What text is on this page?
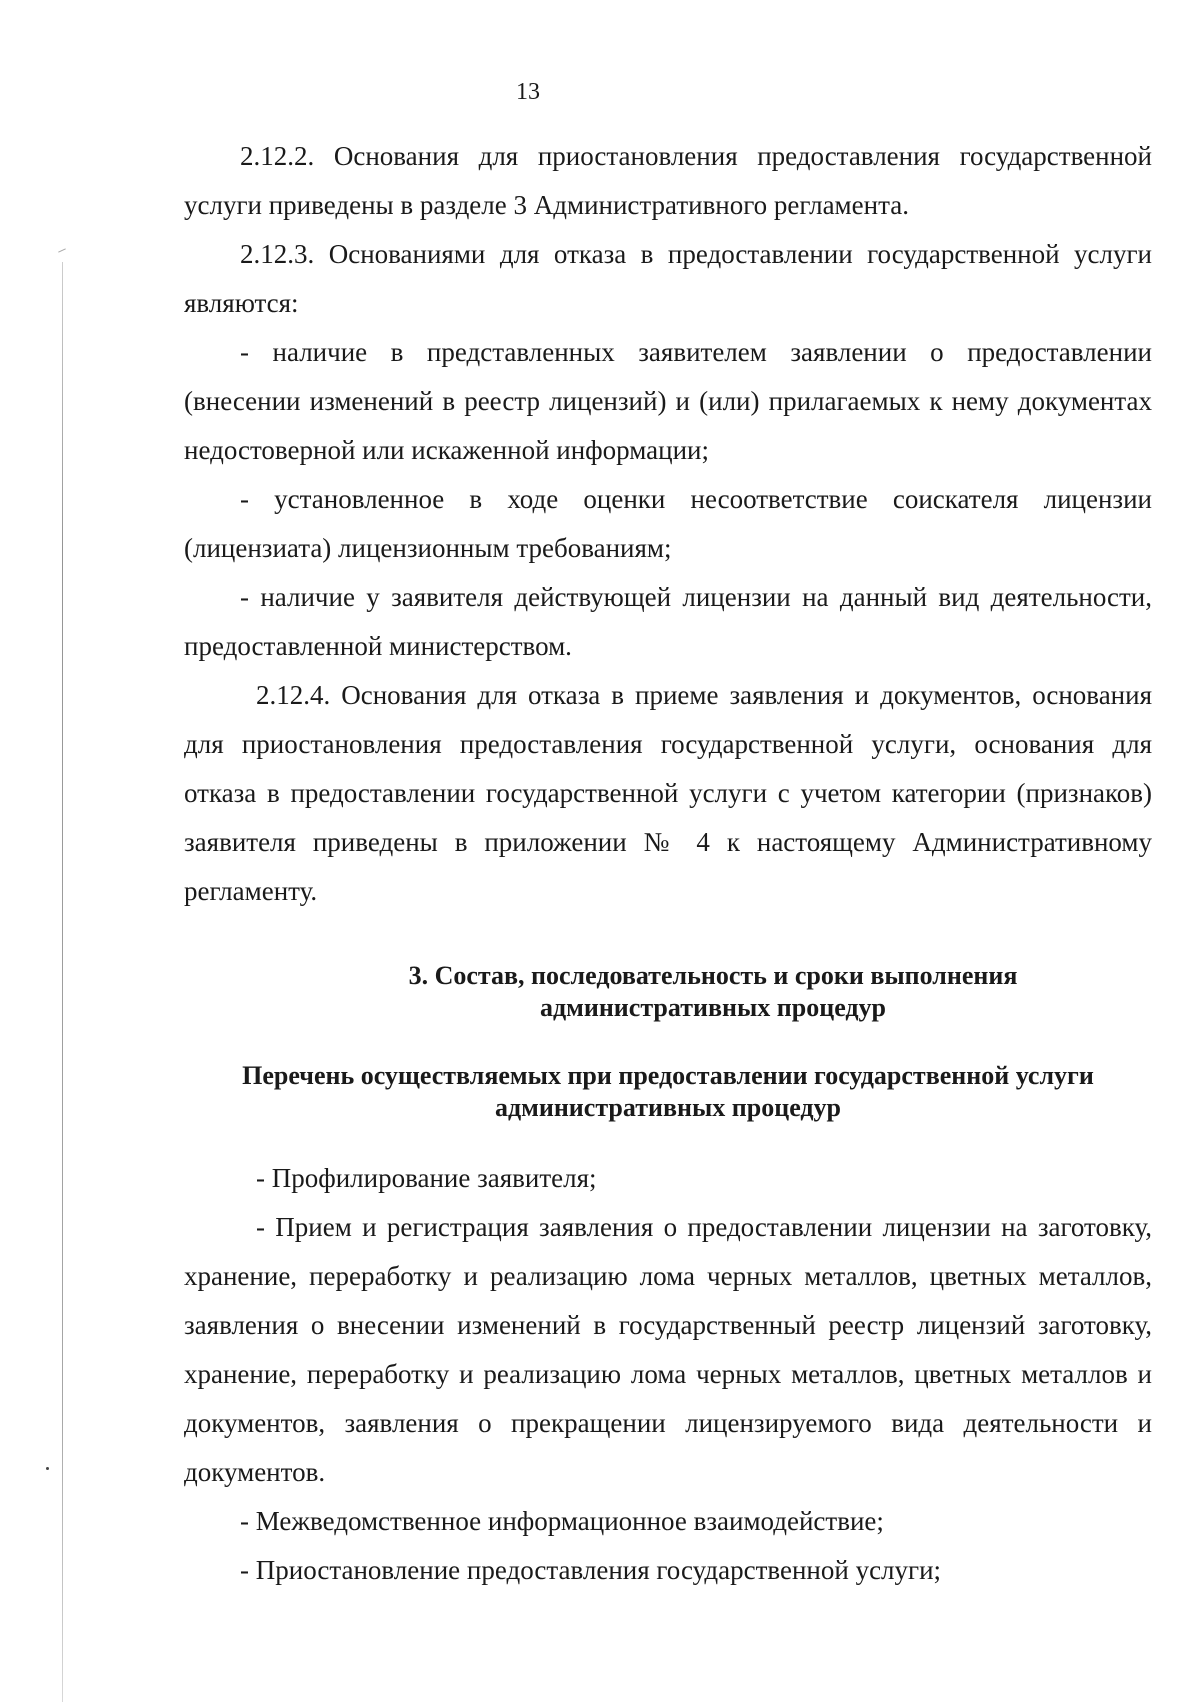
13

2.12.2. Основания для приостановления предоставления государственной услуги приведены в разделе 3 Административного регламента.

2.12.3. Основаниями для отказа в предоставлении государственной услуги являются:

- наличие в представленных заявителем заявлении о предоставлении (внесении изменений в реестр лицензий) и (или) прилагаемых к нему документах недостоверной или искаженной информации;

- установленное в ходе оценки несоответствие соискателя лицензии (лицензиата) лицензионным требованиям;

- наличие у заявителя действующей лицензии на данный вид деятельности, предоставленной министерством.

2.12.4. Основания для отказа в приеме заявления и документов, основания для приостановления предоставления государственной услуги, основания для отказа в предоставлении государственной услуги с учетом категории (признаков) заявителя приведены в приложении № 4 к настоящему Административному регламенту.

3. Состав, последовательность и сроки выполнения
административных процедур
Перечень осуществляемых при предоставлении государственной услуги
административных процедур

- Профилирование заявителя;

- Прием и регистрация заявления о предоставлении лицензии на заготовку, хранение, переработку и реализацию лома черных металлов, цветных металлов, заявления о внесении изменений в государственный реестр лицензий заготовку, хранение, переработку и реализацию лома черных металлов, цветных металлов и документов, заявления о прекращении лицензируемого вида деятельности и документов.

- Межведомственное информационное взаимодействие;

- Приостановление предоставления государственной услуги;
